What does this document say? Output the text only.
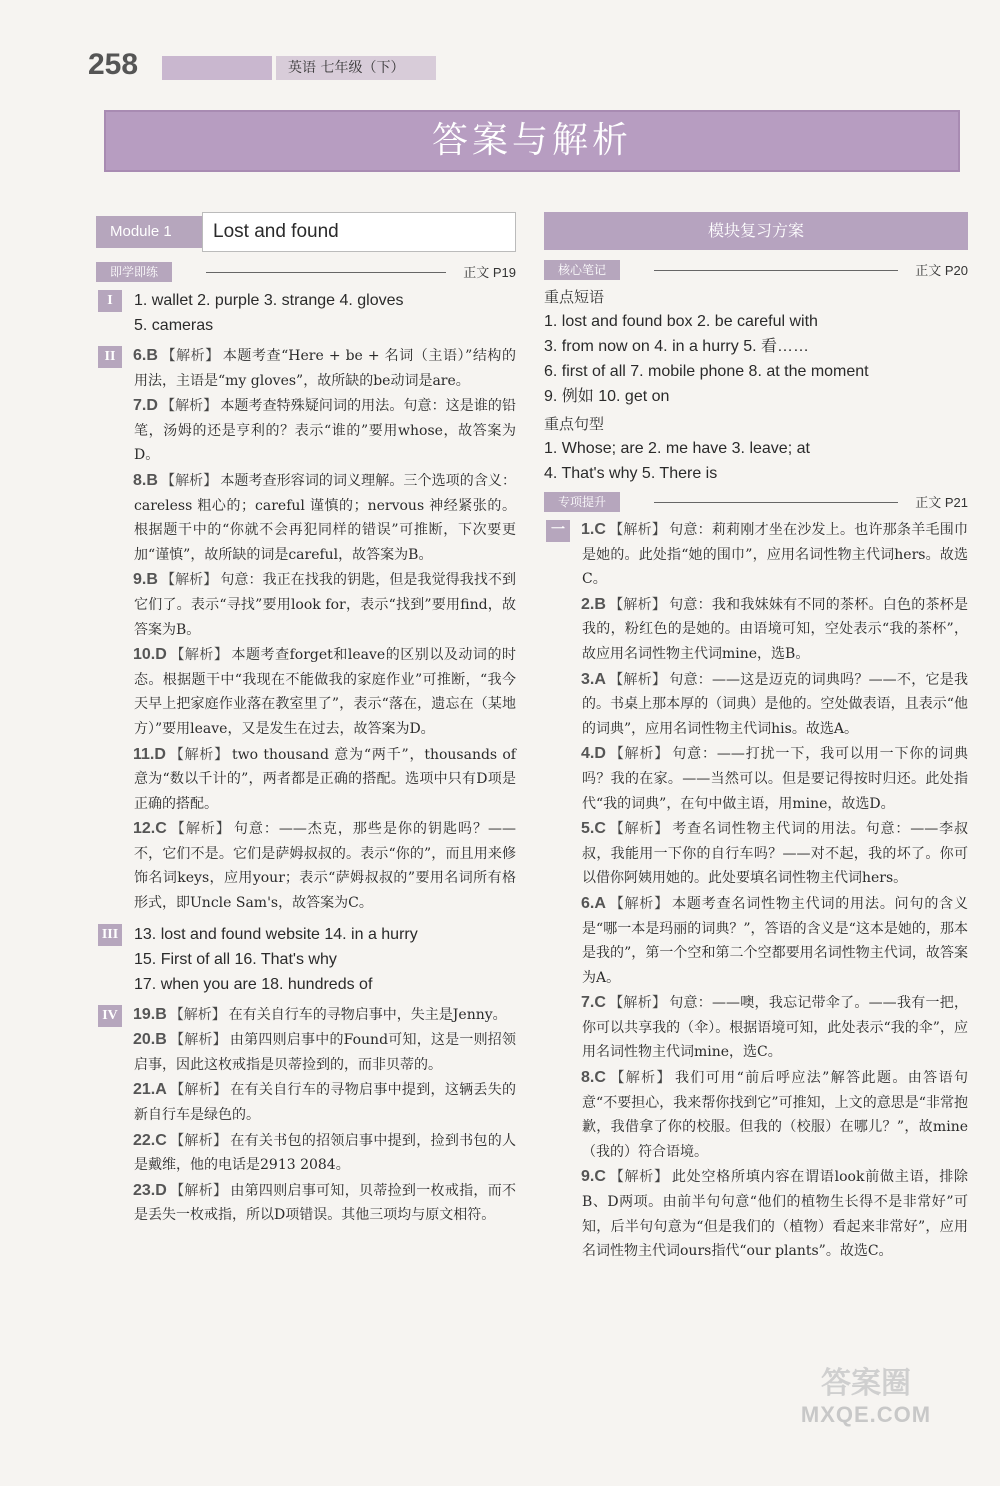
258	英语 七年级（下）
答案与解析
Module 1	Lost and found
即学即练	正文 P19
I	1. wallet 2. purple 3. strange 4. gloves
5. cameras
II	6.B 【解析】 本题考查“Here + be + 名词（主语）”结构的用法，主语是“my gloves”，故所缺的be动词是are。
7.D 【解析】 本题考查特殊疑问词的用法。句意：这是谁的铅笔，汤姆的还是亨利的？表示“谁的”要用whose，故答案为D。
8.B 【解析】 本题考查形容词的词义理解。三个选项的含义：careless 粗心的；careful 谨慎的；nervous 神经紧张的。根据题干中的“你就不会再犯同样的错误”可推断，下次要更加“谨慎”，故所缺的词是careful，故答案为B。
9.B 【解析】 句意：我正在找我的钥匙，但是我觉得我找不到它们了。表示“寻找”要用look for，表示“找到”要用find，故答案为B。
10.D 【解析】 本题考查forget和leave的区别以及动词的时态。根据题干中“我现在不能做我的家庭作业”可推断，“我今天早上把家庭作业落在教室里了”，表示“落在，遗忘在（某地方）”要用leave，又是发生在过去，故答案为D。
11.D 【解析】 two thousand 意为“两千”，thousands of 意为“数以千计的”，两者都是正确的搭配。选项中只有D项是正确的搭配。
12.C 【解析】 句意：——杰克，那些是你的钥匙吗？——不，它们不是。它们是萨姆叔叔的。表示“你的”，而且用来修饰名词keys，应用your；表示“萨姆叔叔的”要用名词所有格形式，即Uncle Sam's，故答案为C。
III 13. lost and found website 14. in a hurry
15. First of all 16. That's why
17. when you are 18. hundreds of
IV 19.B 【解析】 在有关自行车的寻物启事中，失主是Jenny。
20.B 【解析】 由第四则启事中的Found可知，这是一则招领启事，因此这枚戒指是贝蒂捡到的，而非贝蒂的。
21.A 【解析】 在有关自行车的寻物启事中提到，这辆丢失的新自行车是绿色的。
22.C 【解析】 在有关书包的招领启事中提到，捡到书包的人是戴维，他的电话是2913 2084。
23.D 【解析】 由第四则启事可知，贝蒂捡到一枚戒指，而不是丢失一枚戒指，所以D项错误。其他三项均与原文相符。
模块复习方案
核心笔记	正文 P20
重点短语
1. lost and found box 2. be careful with
3. from now on 4. in a hurry 5. 看……
6. first of all 7. mobile phone 8. at the moment
9. 例如 10. get on
重点句型
1. Whose; are 2. me have 3. leave; at
4. That's why 5. There is
专项提升	正文 P21
一	1.C 【解析】 句意：莉莉刚才坐在沙发上。也许那条羊毛围巾是她的。此处指“她的围巾”，应用名词性物主代词hers。故选C。
2.B 【解析】 句意：我和我妹妹有不同的茶杯。白色的茶杯是我的，粉红色的是她的。由语境可知，空处表示“我的茶杯”，故应用名词性物主代词mine，选B。
3.A 【解析】 句意：——这是迈克的词典吗？——不，它是我的。书桌上那本厚的（词典）是他的。空处做表语，且表示“他的词典”，应用名词性物主代词his。故选A。
4.D 【解析】 句意：——打扰一下，我可以用一下你的词典吗？我的在家。——当然可以。但是要记得按时归还。此处指代“我的词典”，在句中做主语，用mine，故选D。
5.C 【解析】 考查名词性物主代词的用法。句意：——李叔叔，我能用一下你的自行车吗？——对不起，我的坏了。你可以借你阿姨用她的。此处要填名词性物主代词hers。
6.A 【解析】 本题考查名词性物主代词的用法。问句的含义是“哪一本是玛丽的词典？”，答语的含义是“这本是她的，那本是我的”，第一个空和第二个空都要用名词性物主代词，故答案为A。
7.C 【解析】 句意：——噢，我忘记带伞了。——我有一把，你可以共享我的（伞）。根据语境可知，此处表示“我的伞”，应用名词性物主代词mine，选C。
8.C 【解析】 我们可用“前后呼应法”解答此题。由答语句意“不要担心，我来帮你找到它”可推知，上文的意思是“非常抱歉，我借拿了你的校服。但我的（校服）在哪儿？”，故mine（我的）符合语境。
9.C 【解析】 此处空格所填内容在谓语look前做主语，排除B、D两项。由前半句句意“他们的植物生长得不是非常好”可知，后半句句意为“但是我们的（植物）看起来非常好”，应用名词性物主代词ours指代“our plants”。故选C。
答案圈
MXQE.COM
